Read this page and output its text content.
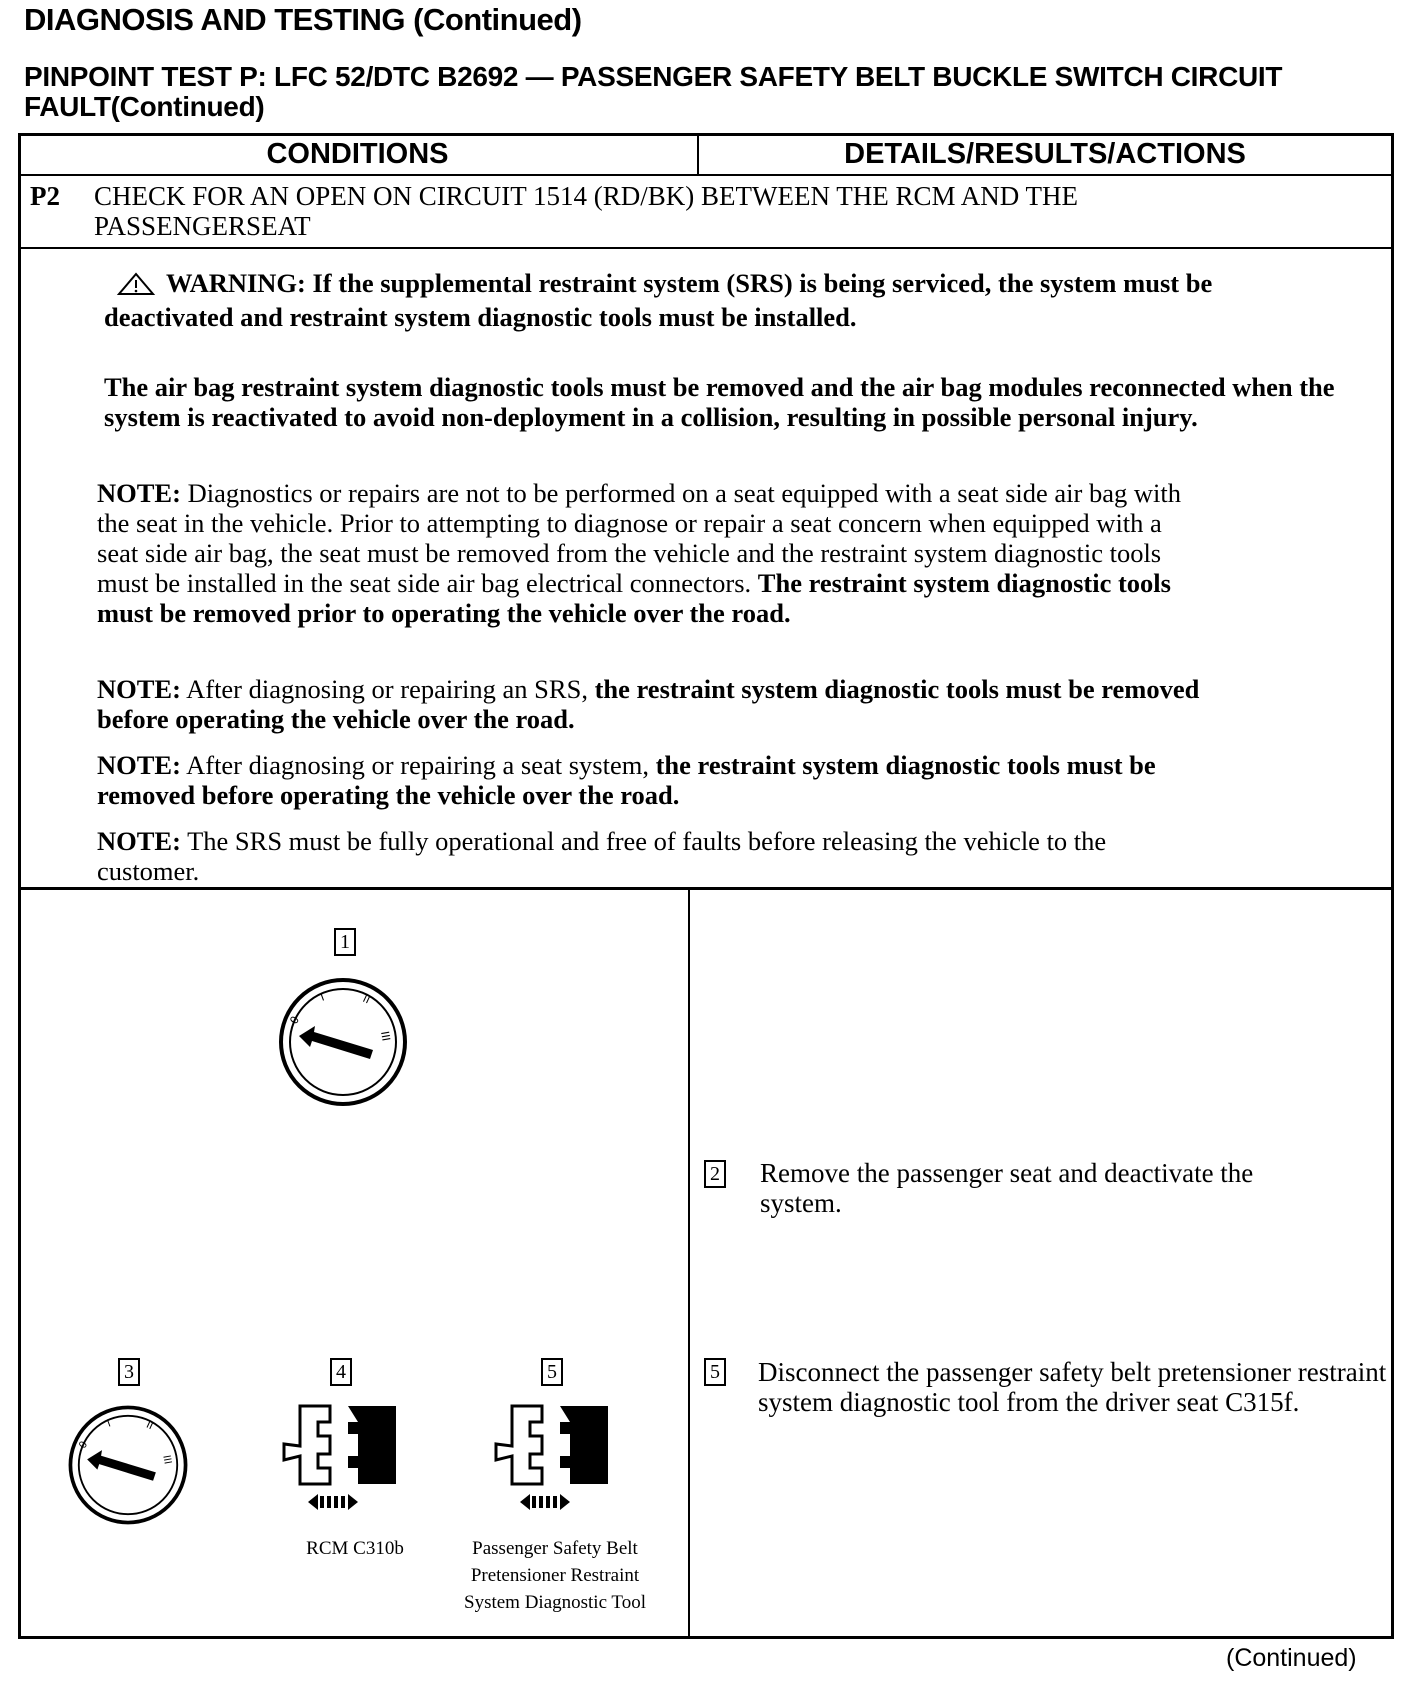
DIAGNOSIS AND TESTING (Continued)
PINPOINT TEST P: LFC 52/DTC B2692 — PASSENGER SAFETY BELT BUCKLE SWITCH CIRCUIT FAULT(Continued)
CONDITIONS	DETAILS/RESULTS/ACTIONS
P2 CHECK FOR AN OPEN ON CIRCUIT 1514 (RD/BK) BETWEEN THE RCM AND THE PASSENGERSEAT
WARNING: If the supplemental restraint system (SRS) is being serviced, the system must be deactivated and restraint system diagnostic tools must be installed.
The air bag restraint system diagnostic tools must be removed and the air bag modules reconnected when the system is reactivated to avoid non-deployment in a collision, resulting in possible personal injury.
NOTE: Diagnostics or repairs are not to be performed on a seat equipped with a seat side air bag with the seat in the vehicle. Prior to attempting to diagnose or repair a seat concern when equipped with a seat side air bag, the seat must be removed from the vehicle and the restraint system diagnostic tools must be installed in the seat side air bag electrical connectors. The restraint system diagnostic tools must be removed prior to operating the vehicle over the road.
NOTE: After diagnosing or repairing an SRS, the restraint system diagnostic tools must be removed before operating the vehicle over the road.
NOTE: After diagnosing or repairing a seat system, the restraint system diagnostic tools must be removed before operating the vehicle over the road.
NOTE: The SRS must be fully operational and free of faults before releasing the vehicle to the customer.
1
0
I	II
III
3
0
I	II
III
4
RCM C310b
5
Passenger Safety Belt Pretensioner Restraint System Diagnostic Tool
2 Remove the passenger seat and deactivate the system.
5 Disconnect the passenger safety belt pretensioner restraint system diagnostic tool from the driver seat C315f.
(Continued)
